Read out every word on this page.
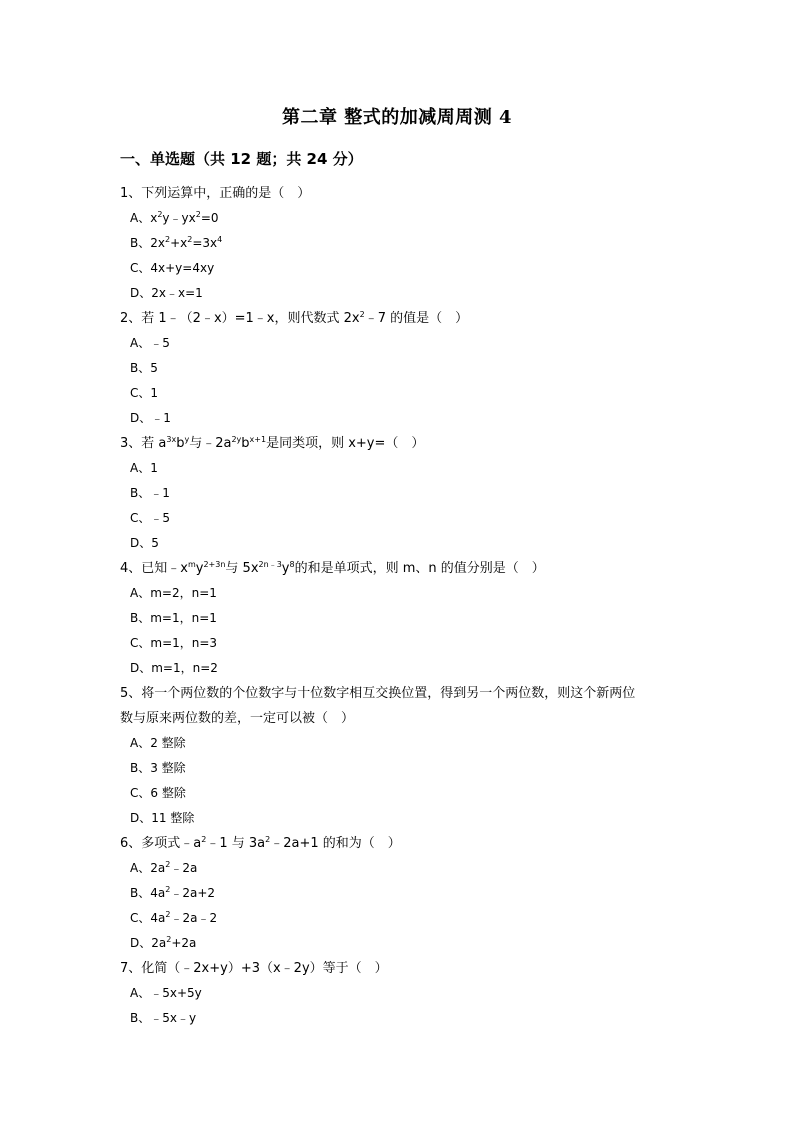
第二章 整式的加减周周测 4
一、单选题（共 12 题；共 24 分）

1、下列运算中，正确的是（　）

A、$x^2y﹣yx^2=0$

B、$2x^2+x^2=3x^4$

C、4x+y=4xy

D、2x﹣x=1

2、若 1﹣（2﹣x）=1﹣x，则代数式 $2x^2﹣7$ 的值是（　）

A、﹣5

B、5

C、1

D、﹣1

3、若 $a^{3x}b^y$与$﹣2a^{2y}b^{x+1}$是同类项，则 x+y=（　）

A、1

B、﹣1

C、﹣5

D、5

4、已知$﹣x^my^{2+3n}$与 $5x^{2n﹣3}y^8$的和是单项式，则 m、n 的值分别是（　）

A、m=2，n=1

B、m=1，n=1

C、m=1，n=3

D、m=1，n=2

5、将一个两位数的个位数字与十位数字相互交换位置，得到另一个两位数，则这个新两位
数与原来两位数的差，一定可以被（　）

A、2 整除

B、3 整除

C、6 整除

D、11 整除

6、多项式$﹣a^2﹣1$ 与 $3a^2﹣2a+1$ 的和为（　）

A、$2a^2﹣2a$

B、$4a^2﹣2a+2$

C、$4a^2﹣2a﹣2$

D、$2a^2+2a$

7、化简（﹣2x+y）+3（x﹣2y）等于（　）

A、﹣5x+5y

B、﹣5x﹣y
